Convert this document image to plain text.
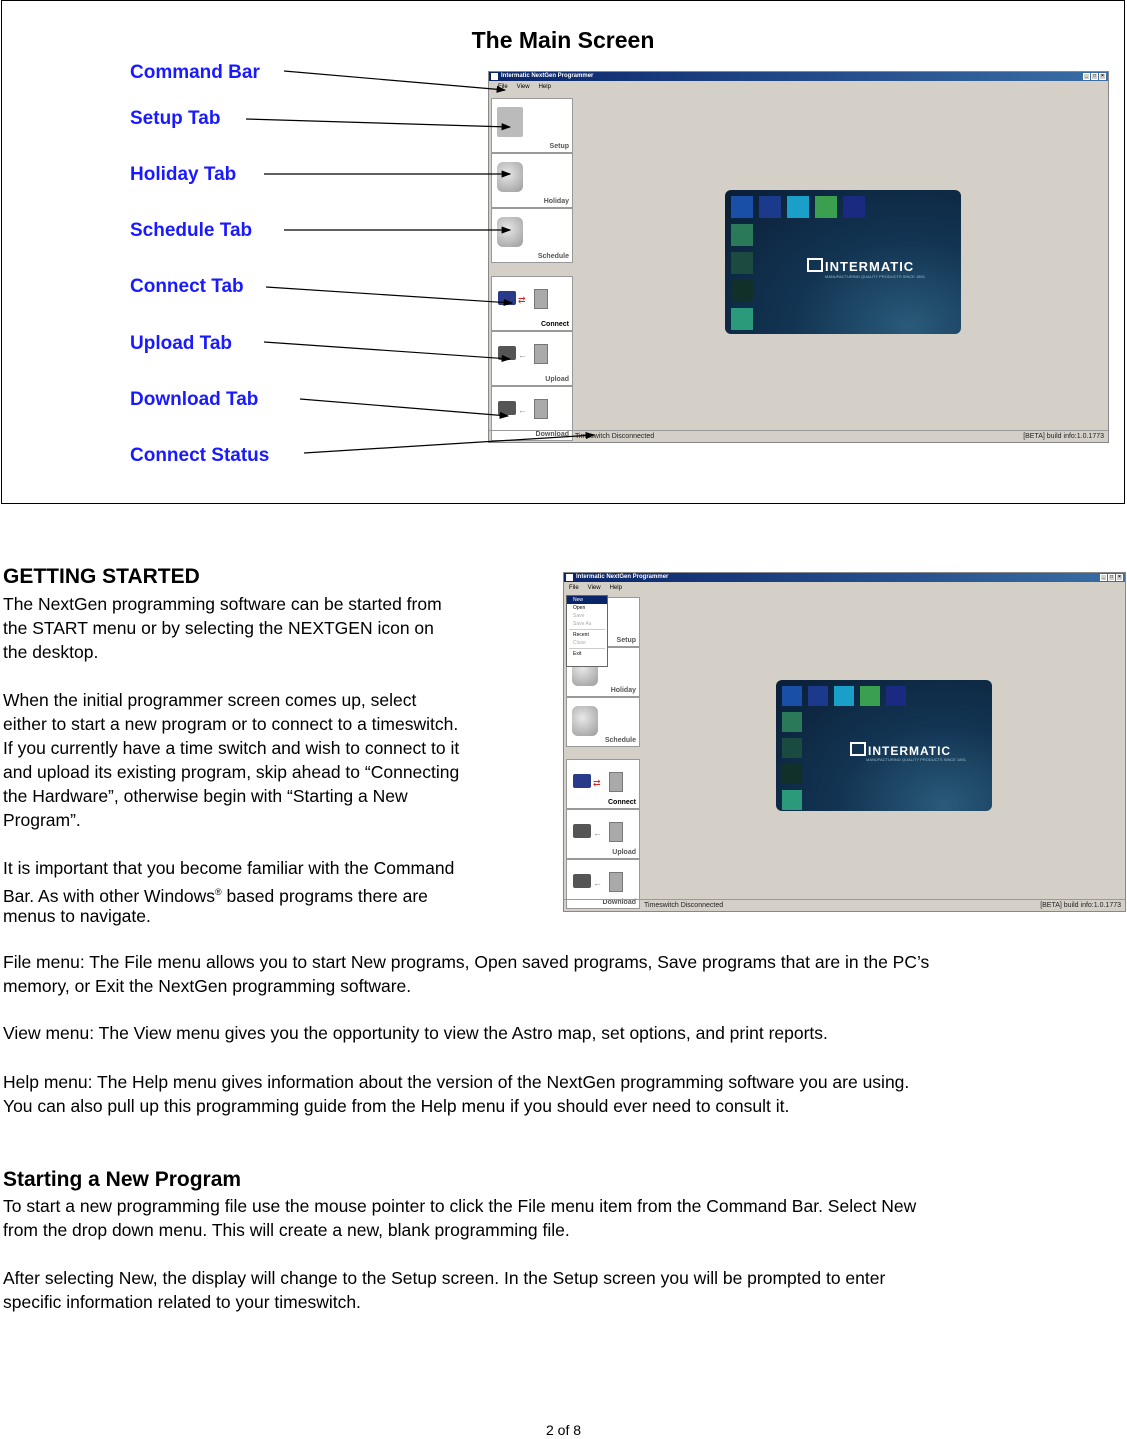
The Main Screen
Command Bar
Setup Tab
Holiday Tab
Schedule Tab
Connect Tab
Upload Tab
Download Tab
Connect Status
Intermatic NextGen Programmer	_	□	×
File View Help
Setup
Holiday
Schedule
⇄
Connect
←
Upload
←
Download
INTERMATIC
MANUFACTURING QUALITY PRODUCTS SINCE 1891
Timeswitch Disconnected	[BETA] build info:1.0.1773
GETTING STARTED
The NextGen programming software can be started from
the START menu or by selecting the NEXTGEN icon on
the desktop.
When the initial programmer screen comes up, select
either to start a new program or to connect to a timeswitch.
If you currently have a time switch and wish to connect to it
and upload its existing program, skip ahead to “Connecting
the Hardware”, otherwise begin with “Starting a New
Program”.
It is important that you become familiar with the Command
Bar. As with other Windows® based programs there are
menus to navigate.
Intermatic NextGen Programmer	_	□	×
File View Help
Setup
Holiday
Schedule
⇄
Connect
←
Upload
←
Download
New
Open
Save
Save As
Recent
Close
Exit
INTERMATIC
MANUFACTURING QUALITY PRODUCTS SINCE 1891
Timeswitch Disconnected	[BETA] build info:1.0.1773
File menu: The File menu allows you to start New programs, Open saved programs, Save programs that are in the PC’s
memory, or Exit the NextGen programming software.
View menu: The View menu gives you the opportunity to view the Astro map, set options, and print reports.
Help menu: The Help menu gives information about the version of the NextGen programming software you are using.
You can also pull up this programming guide from the Help menu if you should ever need to consult it.
Starting a New Program
To start a new programming file use the mouse pointer to click the File menu item from the Command Bar. Select New
from the drop down menu. This will create a new, blank programming file.
After selecting New, the display will change to the Setup screen. In the Setup screen you will be prompted to enter
specific information related to your timeswitch.
2 of 8
